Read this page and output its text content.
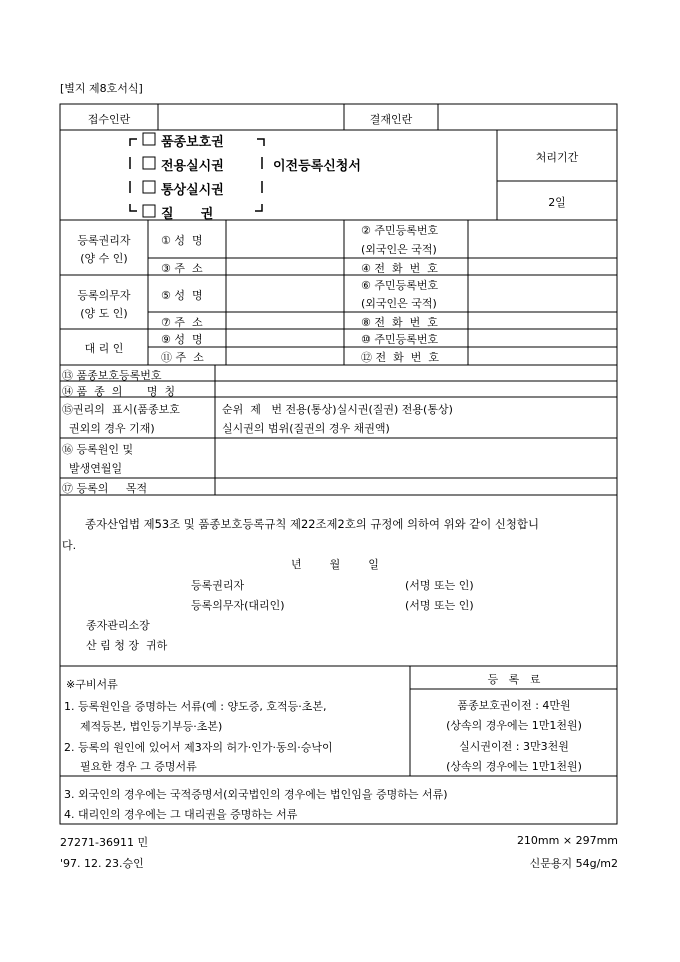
[별지 제8호서식]
접수인란	결재인란
품종보호권
전용실시권
통상실시권
질      권
이전등록신청서
처리기간
2일
등록권리자
(양 수 인)
① 성  명
③ 주  소
② 주민등록번호
(외국인은 국적)
④ 전  화  번  호
등록의무자
(양 도 인)
⑤ 성  명
⑦ 주  소
⑥ 주민등록번호
(외국인은 국적)
⑧ 전  화  번  호
대 리 인
⑨ 성  명
⑪ 주  소
⑩ 주민등록번호
⑫ 전  화  번  호
⑬ 품종보호등록번호
⑭ 품  종  의       명  칭
⑮권리의  표시(품종보호
권외의 경우 기재)
순위  제   번 전용(통상)실시권(질권) 전용(통상)
실시권의 범위(질권의 경우 채권액)
⑯ 등록원인 및
발생연월일
⑰ 등록의     목적
종자산업법 제53조 및 품종보호등록규칙 제22조제2호의 규정에 의하여 위와 같이 신청합니
다.
년        월        일
등록권리자
등록의무자(대리인)
(서명 또는 인)
(서명 또는 인)
종자관리소장
산 림 청 장  귀하
※구비서류
1. 등록원인을 증명하는 서류(예 : 양도증, 호적등·초본,
제적등본, 법인등기부등·초본)
2. 등록의 원인에 있어서 제3자의 허가·인가·동의·승낙이
필요한 경우 그 증명서류
3. 외국인의 경우에는 국적증명서(외국법인의 경우에는 법인임을 증명하는 서류)
4. 대리인의 경우에는 그 대리권을 증명하는 서류
등   록   료
품종보호권이전 : 4만원
(상속의 경우에는 1만1천원)
실시권이전 : 3만3천원
(상속의 경우에는 1만1천원)
27271-36911 민
'97. 12. 23.승인
210mm × 297mm
신문용지 54g/m2
